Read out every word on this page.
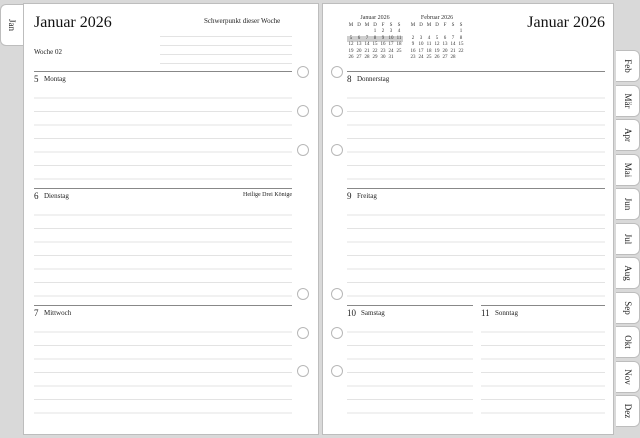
Jan Januar 2026	Schwerpunkt dieser Woche
Woche 02
5 Montag
6 Dienstag	Heilige Drei Könige
7 Mittwoch
Januar 2026
M	D	M	D	F	S	S
			1	2	3	4
5	6	7	8	9	10	11
12	13	14	15	16	17	18
19	20	21	22	23	24	25
26	27	28	29	30	31	
Februar 2026
M	D	M	D	F	S	S
						1
2	3	4	5	6	7	8
9	10	11	12	13	14	15
16	17	18	19	20	21	22
23	24	25	26	27	28	
Januar 2026
8 Donnerstag
9 Freitag
10 Samstag	11 Sonntag
Feb
Mär
Apr
Mai
Jun
Jul
Aug
Sep
Okt
Nov
Dez
